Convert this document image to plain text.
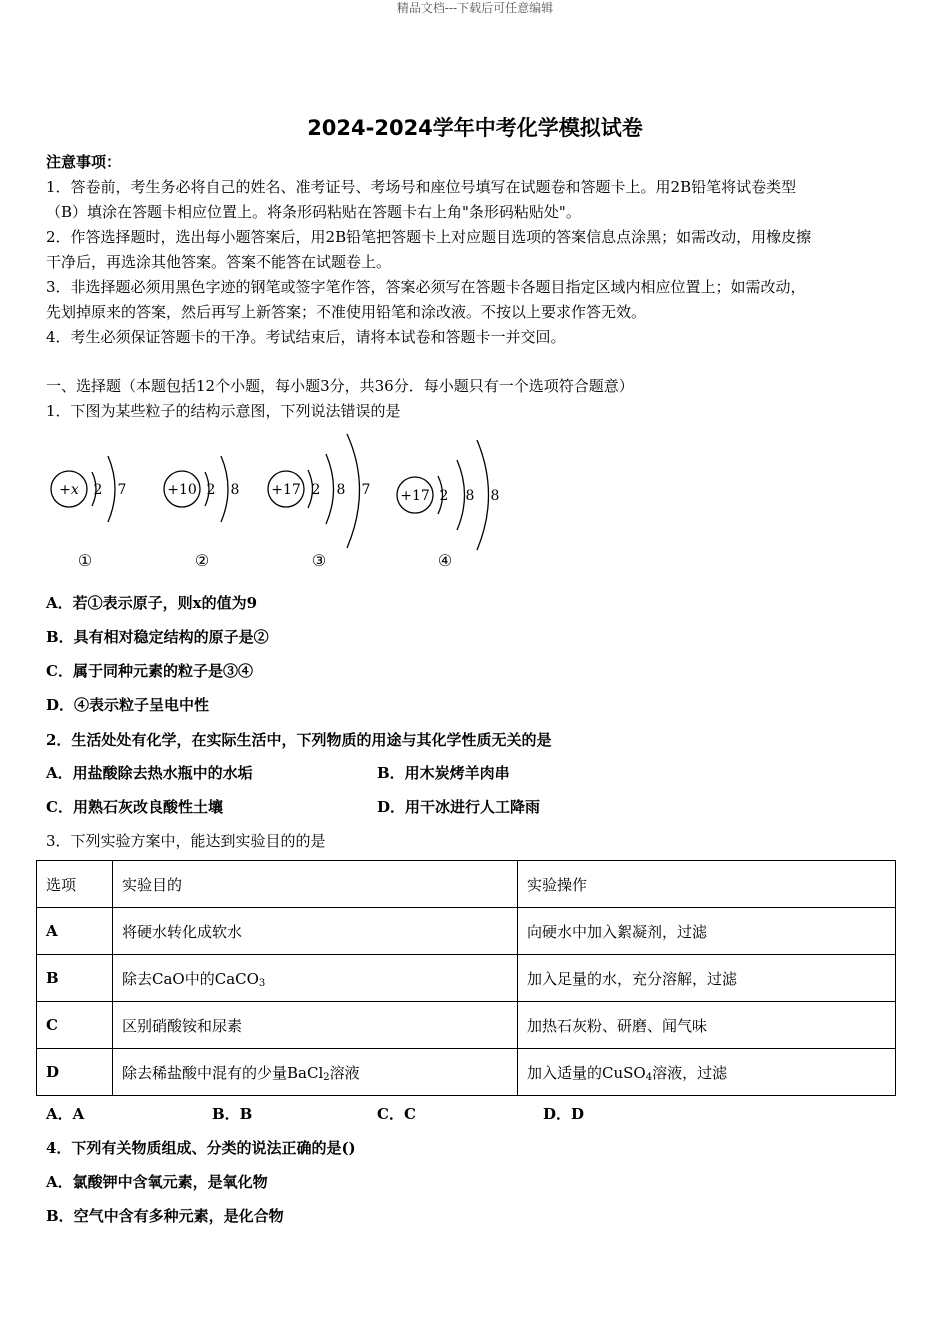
精品文档---下载后可任意编辑
2024-2024学年中考化学模拟试卷
注意事项：
1．答卷前，考生务必将自己的姓名、准考证号、考场号和座位号填写在试题卷和答题卡上。用2B铅笔将试卷类型
（B）填涂在答题卡相应位置上。将条形码粘贴在答题卡右上角"条形码粘贴处"。
2．作答选择题时，选出每小题答案后，用2B铅笔把答题卡上对应题目选项的答案信息点涂黑；如需改动，用橡皮擦
干净后，再选涂其他答案。答案不能答在试题卷上。
3．非选择题必须用黑色字迹的钢笔或签字笔作答，答案必须写在答题卡各题目指定区域内相应位置上；如需改动，
先划掉原来的答案，然后再写上新答案；不准使用铅笔和涂改液。不按以上要求作答无效。
4．考生必须保证答题卡的干净。考试结束后，请将本试卷和答题卡一并交回。
一、选择题（本题包括12个小题，每小题3分，共36分．每小题只有一个选项符合题意）
1．下图为某些粒子的结构示意图，下列说法错误的是
+x 2 7	+10 2 8 +17 2 8 7 +17 2 8 8
①	②	③	④
A．若①表示原子，则x的值为9
B．具有相对稳定结构的原子是②
C．属于同种元素的粒子是③④
D．④表示粒子呈电中性
2．生活处处有化学，在实际生活中，下列物质的用途与其化学性质无关的是
A．用盐酸除去热水瓶中的水垢	B．用木炭烤羊肉串
C．用熟石灰改良酸性土壤	D．用干冰进行人工降雨
3．下列实验方案中，能达到实验目的的是
选项	实验目的	实验操作
A	将硬水转化成软水	向硬水中加入絮凝剂，过滤
B	除去CaO中的CaCO$_3$	加入足量的水，充分溶解，过滤
C	区别硝酸铵和尿素	加热石灰粉、研磨、闻气味
D	除去稀盐酸中混有的少量BaCl$_2$溶液	加入适量的CuSO$_4$溶液，过滤
A．A	B．B	C．C	D．D
4．下列有关物质组成、分类的说法正确的是()
A．氯酸钾中含氧元素，是氧化物
B．空气中含有多种元素，是化合物
